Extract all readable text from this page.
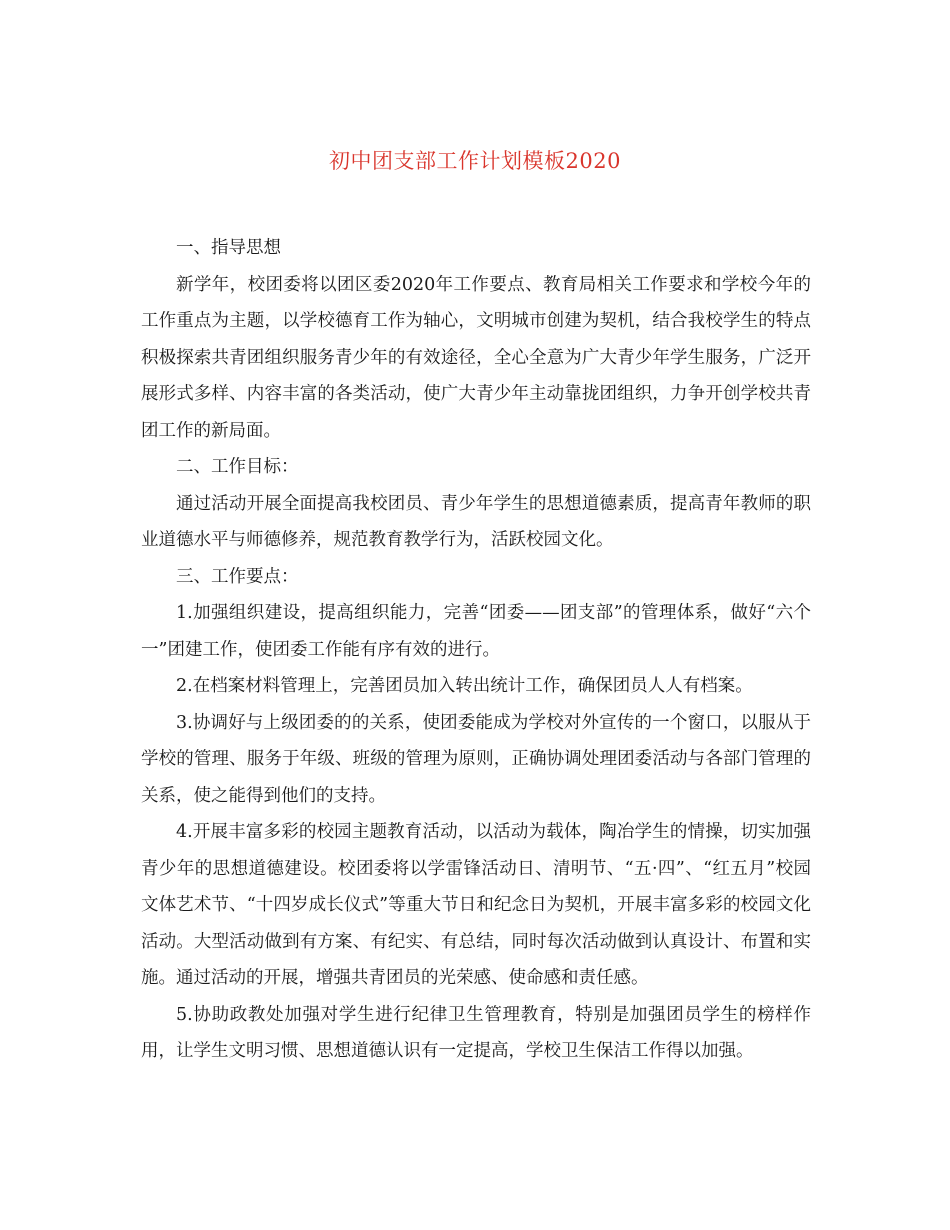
初中团支部工作计划模板2020

一、指导思想

新学年，校团委将以团区委2020年工作要点、教育局相关工作要求和学校今年的工作重点为主题，以学校德育工作为轴心，文明城市创建为契机，结合我校学生的特点积极探索共青团组织服务青少年的有效途径，全心全意为广大青少年学生服务，广泛开展形式多样、内容丰富的各类活动，使广大青少年主动靠拢团组织，力争开创学校共青团工作的新局面。

二、工作目标：

通过活动开展全面提高我校团员、青少年学生的思想道德素质，提高青年教师的职业道德水平与师德修养，规范教育教学行为，活跃校园文化。

三、工作要点：

1.加强组织建设，提高组织能力，完善“团委——团支部”的管理体系，做好“六个一”团建工作，使团委工作能有序有效的进行。

2.在档案材料管理上，完善团员加入转出统计工作，确保团员人人有档案。

3.协调好与上级团委的的关系，使团委能成为学校对外宣传的一个窗口，以服从于学校的管理、服务于年级、班级的管理为原则，正确协调处理团委活动与各部门管理的关系，使之能得到他们的支持。

4.开展丰富多彩的校园主题教育活动，以活动为载体，陶冶学生的情操，切实加强青少年的思想道德建设。校团委将以学雷锋活动日、清明节、“五·四”、“红五月”校园文体艺术节、“十四岁成长仪式”等重大节日和纪念日为契机，开展丰富多彩的校园文化活动。大型活动做到有方案、有纪实、有总结，同时每次活动做到认真设计、布置和实施。通过活动的开展，增强共青团员的光荣感、使命感和责任感。

5.协助政教处加强对学生进行纪律卫生管理教育，特别是加强团员学生的榜样作用，让学生文明习惯、思想道德认识有一定提高，学校卫生保洁工作得以加强。
